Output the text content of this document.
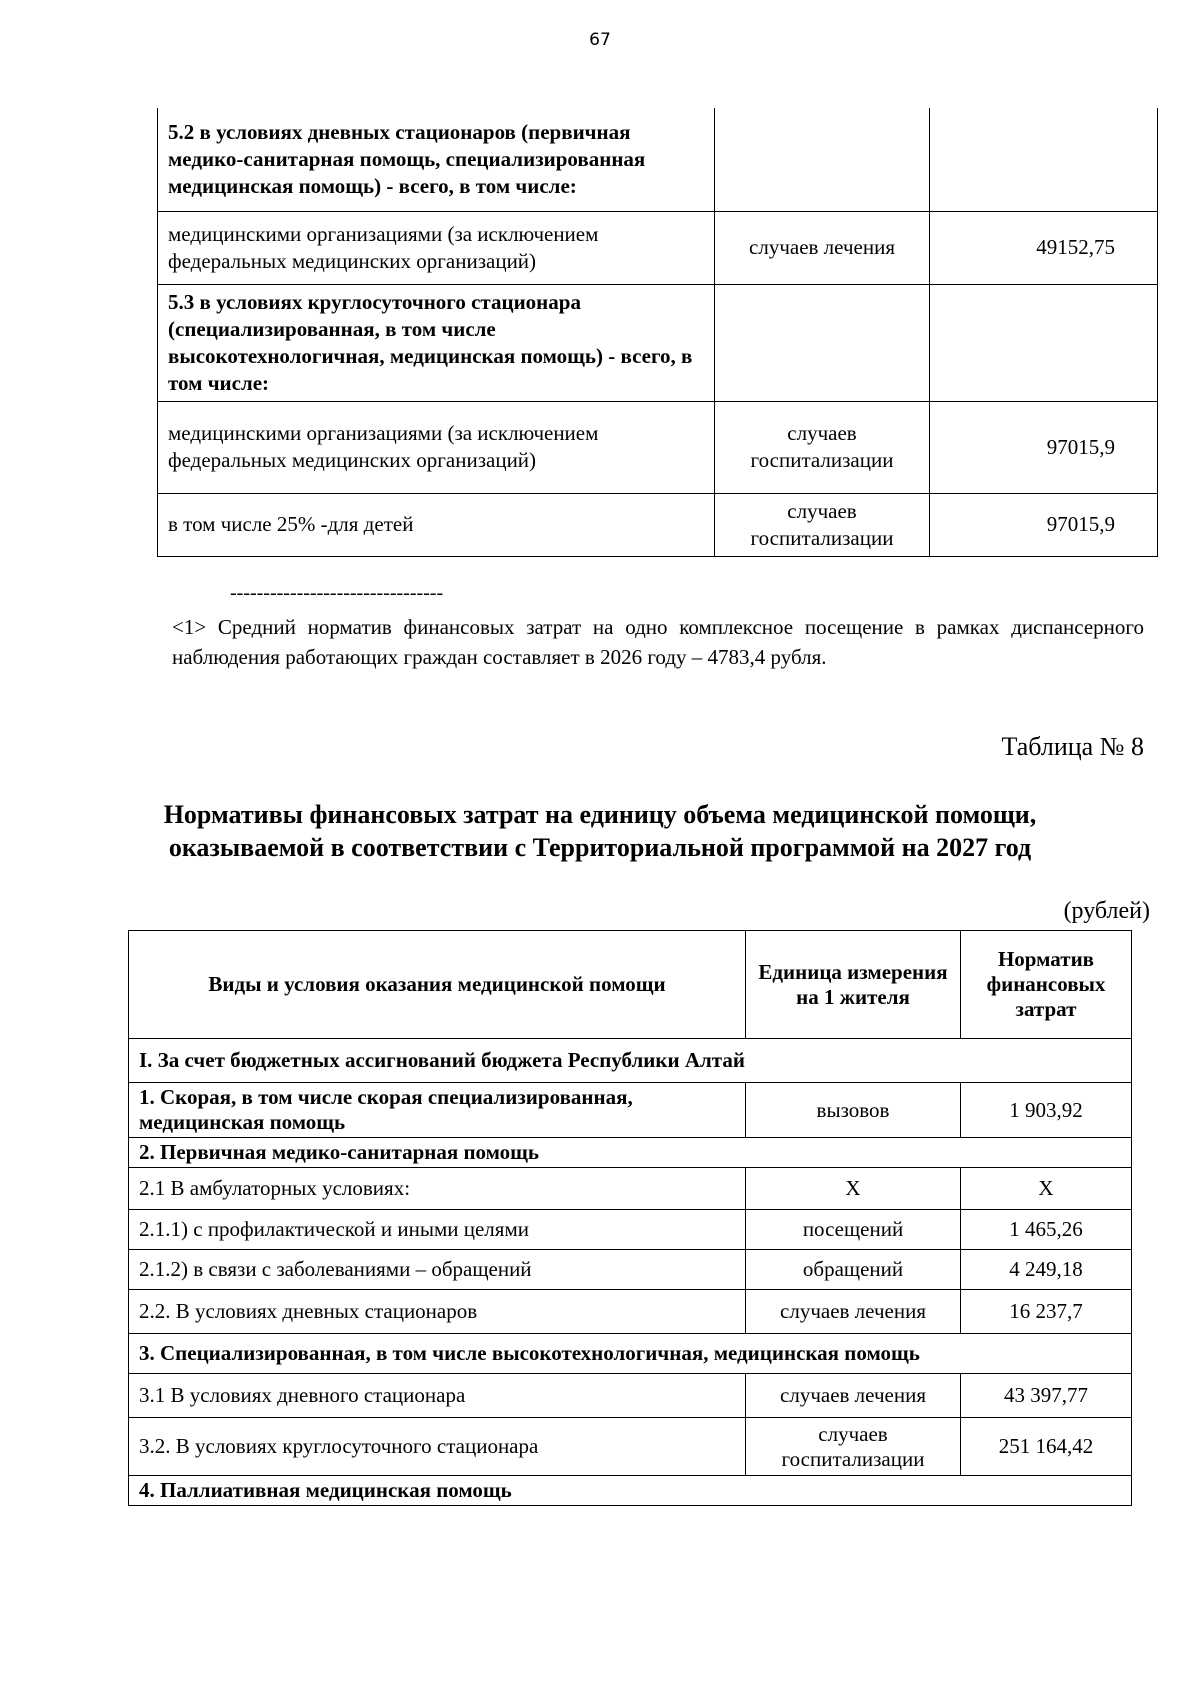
67
5.2 в условиях дневных стационаров (первичная медико-санитарная помощь, специализированная медицинская помощь) - всего, в том числе:		
медицинскими организациями (за исключением федеральных медицинских организаций)	случаев лечения	49152,75
5.3 в условиях круглосуточного стационара (специализированная, в том числе высокотехнологичная, медицинская помощь) - всего, в том числе:		
медицинскими организациями (за исключением федеральных медицинских организаций)	случаев госпитализации	97015,9
в том числе 25% -для детей	случаев госпитализации	97015,9
--------------------------------
<1> Средний норматив финансовых затрат на одно комплексное посещение в рамках диспансерного наблюдения работающих граждан составляет в 2026 году – 4783,4 рубля.
Таблица № 8
Нормативы финансовых затрат на единицу объема медицинской помощи, оказываемой в соответствии с Территориальной программой на 2027 год
(рублей)
Виды и условия оказания медицинской помощи	Единица измерения на 1 жителя	Норматив финансовых затрат
I. За счет бюджетных ассигнований бюджета Республики Алтай		
1. Скорая, в том числе скорая специализированная, медицинская помощь	вызовов	1 903,92
2. Первичная медико-санитарная помощь		
2.1 В амбулаторных условиях:	Х	Х
2.1.1) с профилактической и иными целями	посещений	1 465,26
2.1.2) в связи с заболеваниями – обращений	обращений	4 249,18
2.2. В условиях дневных стационаров	случаев лечения	16 237,7
3. Специализированная, в том числе высокотехнологичная, медицинская помощь		
3.1 В условиях дневного стационара	случаев лечения	43 397,77
3.2. В условиях круглосуточного стационара	случаев госпитализации	251 164,42
4. Паллиативная медицинская помощь		
